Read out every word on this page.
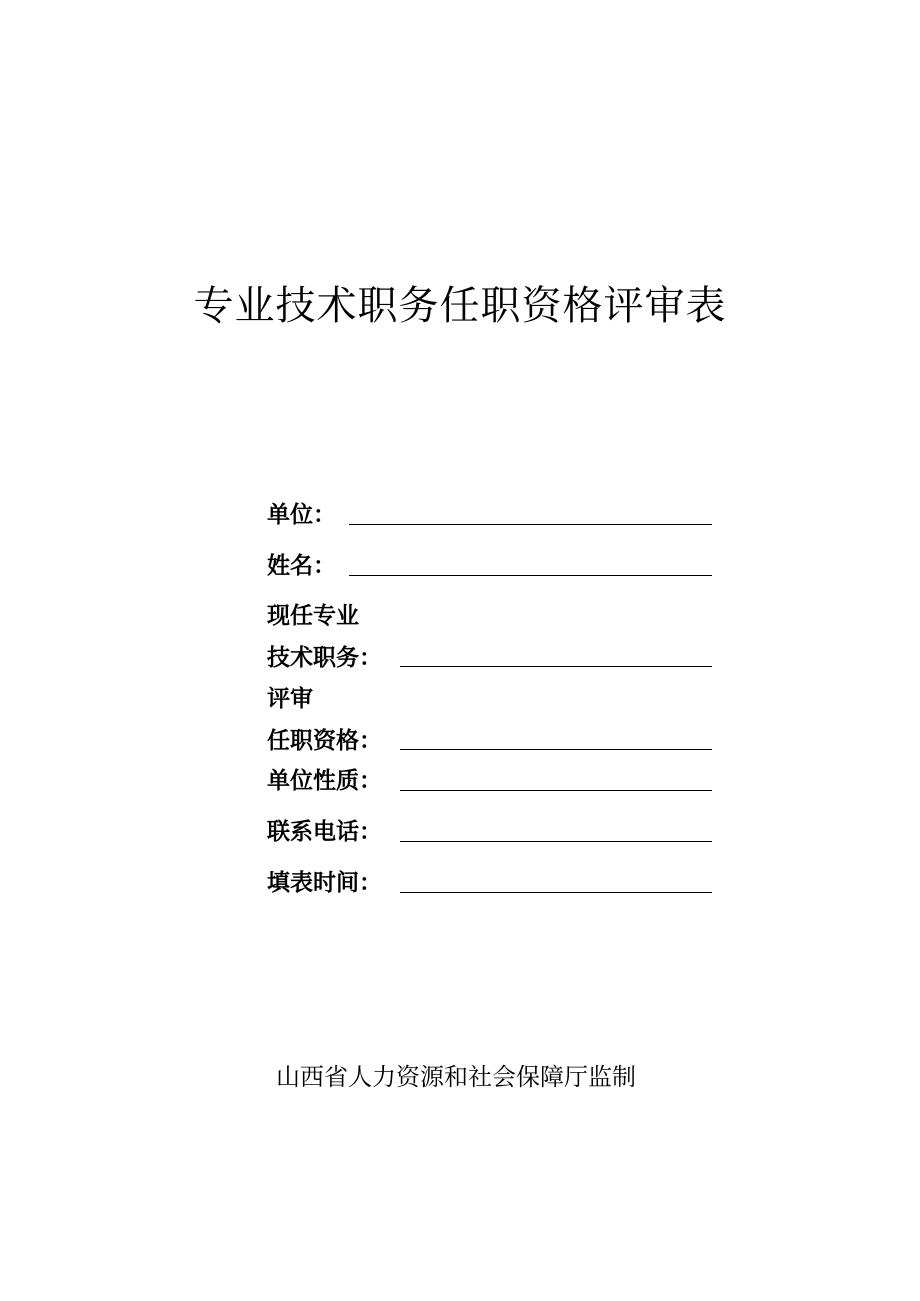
专业技术职务任职资格评审表
单位：
姓名：
现任专业
技术职务：
评审
任职资格：
单位性质：
联系电话：
填表时间：

山西省人力资源和社会保障厅监制
